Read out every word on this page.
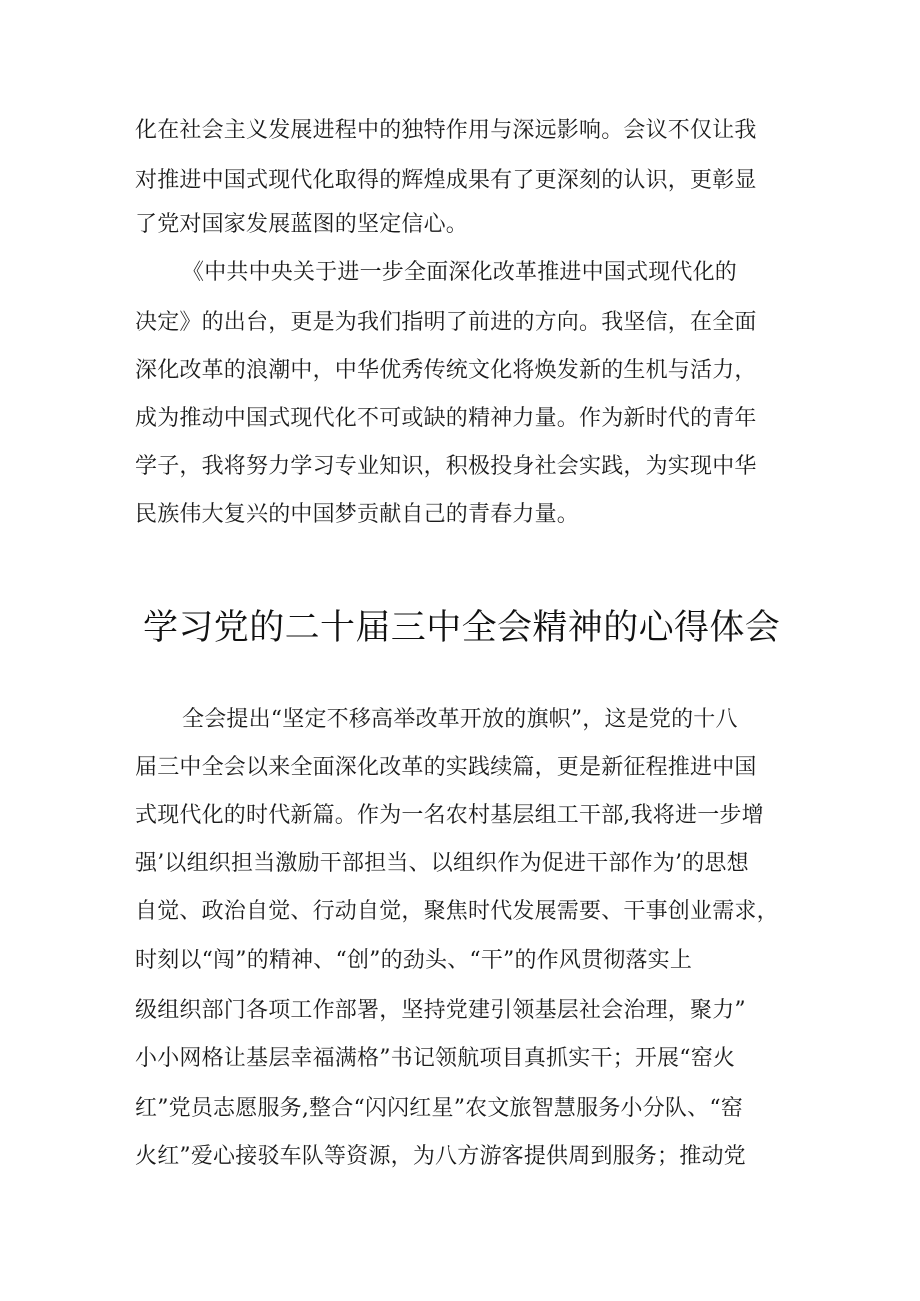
化在社会主义发展进程中的独特作用与深远影响。会议不仅让我

对推进中国式现代化取得的辉煌成果有了更深刻的认识，更彰显

了党对国家发展蓝图的坚定信心。

《中共中央关于进一步全面深化改革推进中国式现代化的

决定》的出台，更是为我们指明了前进的方向。我坚信，在全面

深化改革的浪潮中，中华优秀传统文化将焕发新的生机与活力，

成为推动中国式现代化不可或缺的精神力量。作为新时代的青年

学子，我将努力学习专业知识，积极投身社会实践，为实现中华

民族伟大复兴的中国梦贡献自己的青春力量。

学习党的二十届三中全会精神的心得体会

全会提出“坚定不移高举改革开放的旗帜”，这是党的十八

届三中全会以来全面深化改革的实践续篇，更是新征程推进中国

式现代化的时代新篇。作为一名农村基层组工干部,我将进一步增

强’以组织担当激励干部担当、以组织作为促进干部作为’的思想

自觉、政治自觉、行动自觉，聚焦时代发展需要、干事创业需求，

时刻以“闯”的精神、“创”的劲头、“干”的作风贯彻落实上

级组织部门各项工作部署，坚持党建引领基层社会治理，聚力”

小小网格让基层幸福满格”书记领航项目真抓实干；开展“窑火

红”党员志愿服务,整合“闪闪红星”农文旅智慧服务小分队、“窑

火红”爱心接驳车队等资源，为八方游客提供周到服务；推动党
